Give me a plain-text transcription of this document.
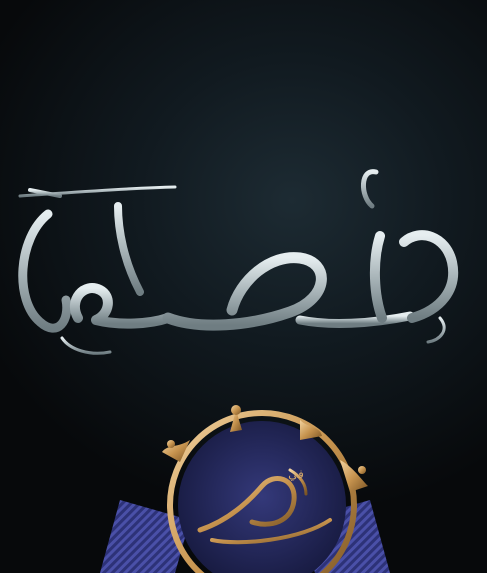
في
رمضان
